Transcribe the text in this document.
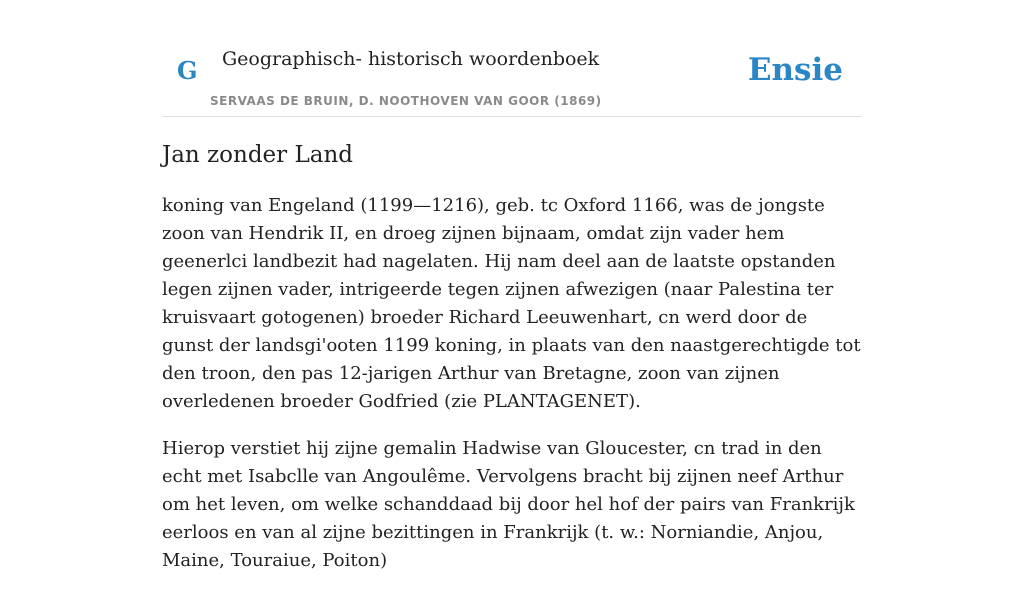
G Geographisch- historisch woordenboek
SERVAAS DE BRUIN, D. NOOTHOVEN VAN GOOR (1869)
Ensie
Jan zonder Land

koning van Engeland (1199—1216), geb. tc Oxford 1166, was de jongste zoon van Hendrik II, en droeg zijnen bijnaam, omdat zijn vader hem geenerlci landbezit had nagelaten. Hij nam deel aan de laatste opstanden legen zijnen vader, intrigeerde tegen zijnen afwezigen (naar Palestina ter kruisvaart gotogenen) broeder Richard Leeuwenhart, cn werd door de gunst der landsgi'ooten 1199 koning, in plaats van den naastgerechtigde tot den troon, den pas 12-jarigen Arthur van Bretagne, zoon van zijnen overledenen broeder Godfried (zie PLANTAGENET).

Hierop verstiet hij zijne gemalin Hadwise van Gloucester, cn trad in den echt met Isabclle van Angoulême. Vervolgens bracht bij zijnen neef Arthur om het leven, om welke schanddaad bij door hel hof der pairs van Frankrijk eerloos en van al zijne bezittingen in Frankrijk (t. w.: Norniandie, Anjou, Maine, Touraiue, Poiton)
